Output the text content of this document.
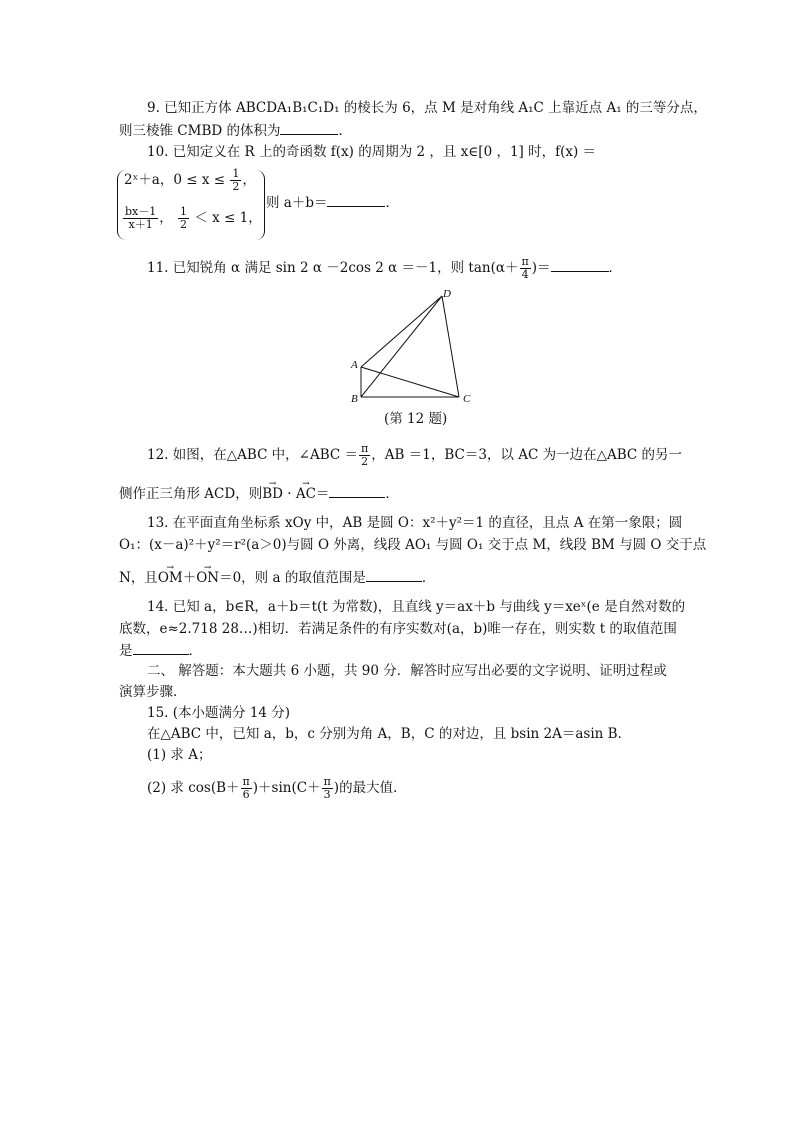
9. 已知正方体 ABCDA₁B₁C₁D₁ 的棱长为 6，点 M 是对角线 A₁C 上靠近点 A₁ 的三等分点，
则三棱锥 CMBD 的体积为	．
10. 已知定义在 R 上的奇函数 f(x) 的周期为 2 ，且 x∈[0 ，1] 时，f(x) ＝
2ˣ＋a，$0 \le x \le \frac{1}{2}$ ，
$\frac{bx-1}{x+1}$ ， $\frac{1}{2} < x \le 1$，
则 a＋b＝	．
11. 已知锐角 α 满足 sin 2 α －2cos 2 α ＝－1，则 $\tan(\alpha+ \frac{\pi}{4}$ )＝	．
A
B	C
D
(第 12 题)
12. 如图，在△ABC 中，∠ABC ＝ $\frac{\pi}{2}$ ，AB ＝1，BC＝3，以 AC 为一边在△ABC 的另一
侧作正三角形 ACD，则→ BD · → AC＝	．
13. 在平面直角坐标系 xOy 中，AB 是圆 O：x²＋y²＝1 的直径，且点 A 在第一象限；圆
O₁：(x－a)²＋y²＝r²(a＞0)与圆 O 外离，线段 AO₁ 与圆 O₁ 交于点 M，线段 BM 与圆 O 交于点
N，且→ OM＋→ ON＝0，则 a 的取值范围是	．
14. 已知 a，b∈R，a＋b＝t(t 为常数)，且直线 y＝ax＋b 与曲线 y＝xeˣ(e 是自然对数的
底数，e≈2.718 28…)相切．若满足条件的有序实数对(a，b)唯一存在，则实数 t 的取值范围
是	．
二、 解答题：本大题共 6 小题，共 90 分．解答时应写出必要的文字说明、证明过程或
演算步骤．
15. (本小题满分 14 分)
在△ABC 中，已知 a，b，c 分别为角 A，B，C 的对边，且 bsin 2A＝asin B.
(1) 求 A；
(2) 求 $\cos(B+ \frac{\pi}{6} )+\sin(C+ \frac{\pi}{3}$ )的最大值．
